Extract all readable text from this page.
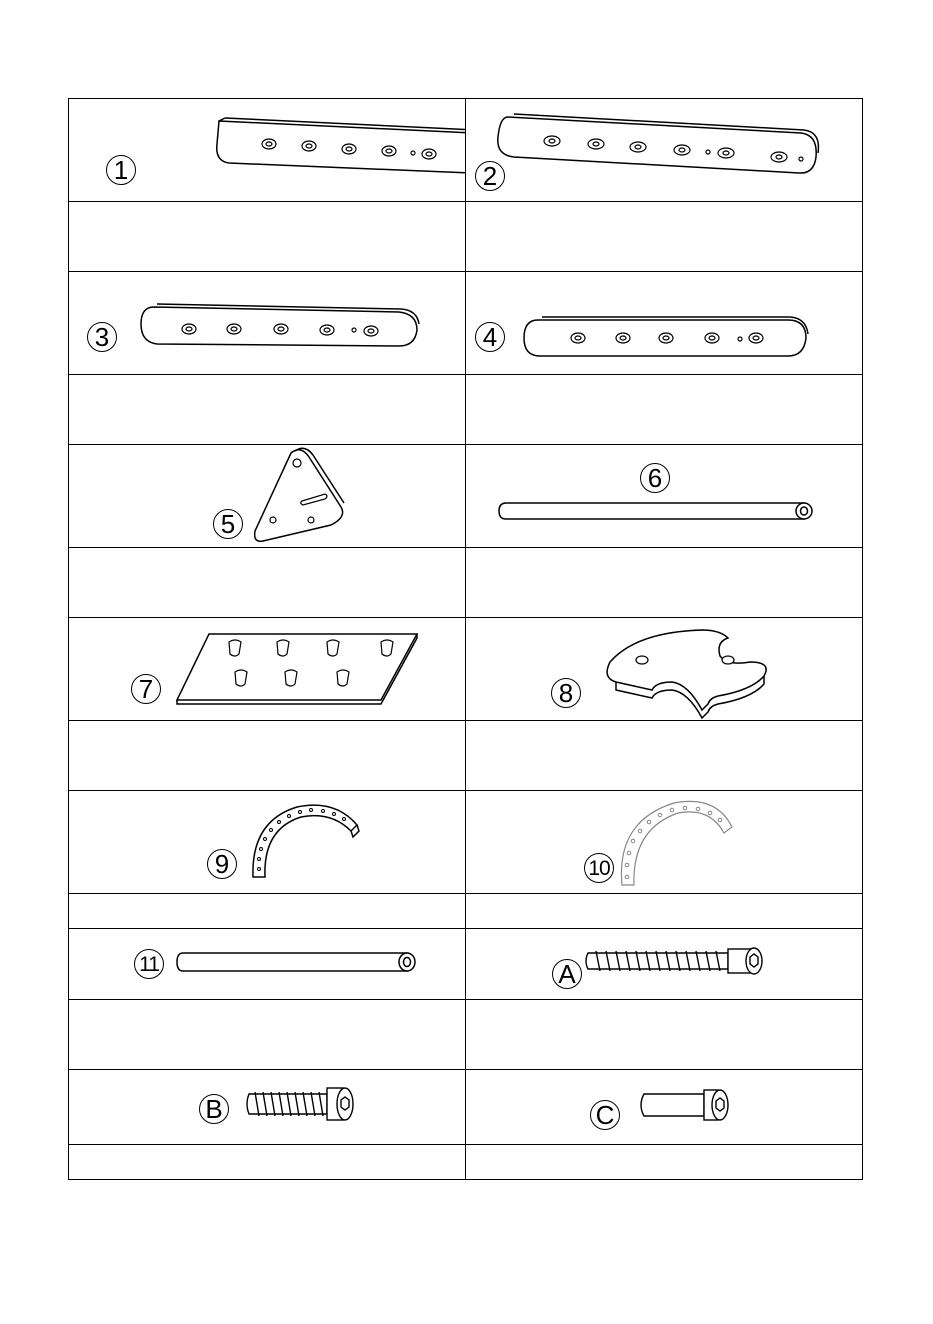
1	2

3	4

5	6

7	8

9	10

11	A

B	C
